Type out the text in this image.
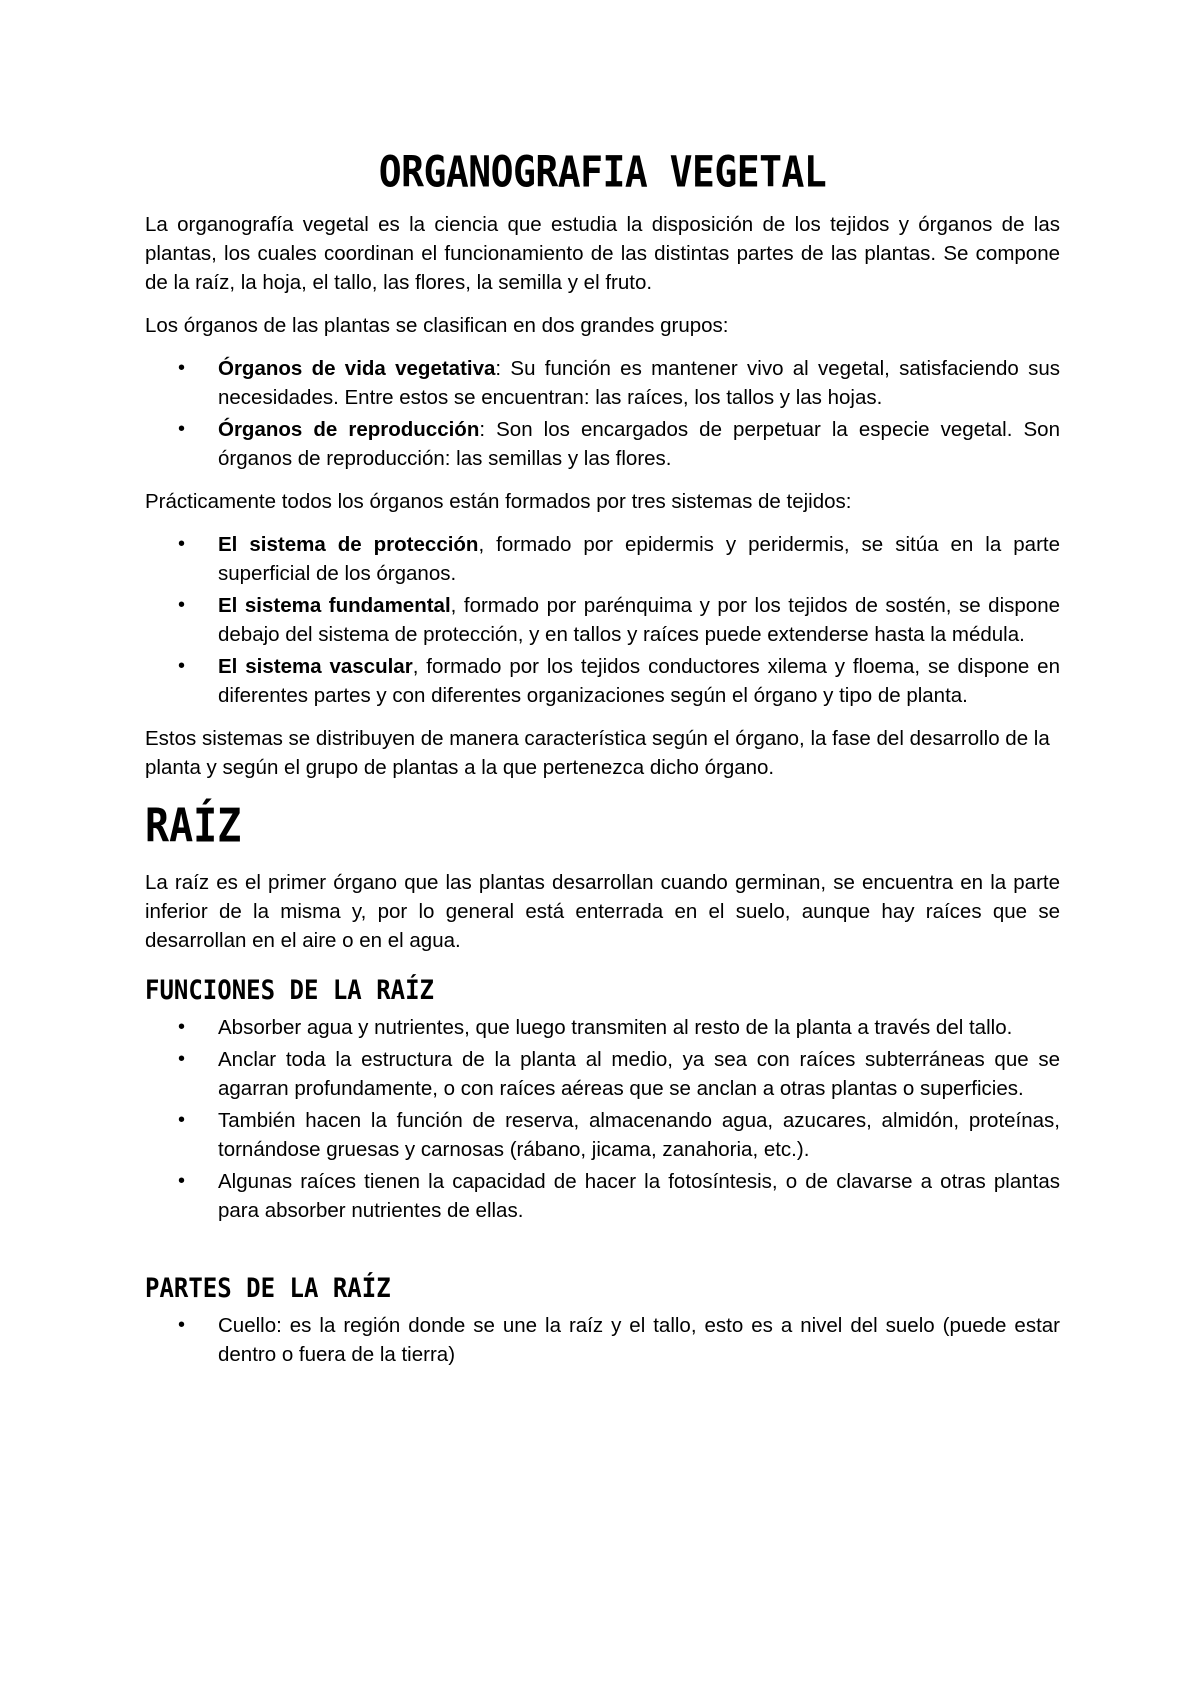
ORGANOGRAFIA VEGETAL

La organografía vegetal es la ciencia que estudia la disposición de los tejidos y órganos de las plantas, los cuales coordinan el funcionamiento de las distintas partes de las plantas. Se compone de la raíz, la hoja, el tallo, las flores, la semilla y el fruto.

Los órganos de las plantas se clasifican en dos grandes grupos:

• Órganos de vida vegetativa: Su función es mantener vivo al vegetal, satisfaciendo sus necesidades. Entre estos se encuentran: las raíces, los tallos y las hojas.
• Órganos de reproducción: Son los encargados de perpetuar la especie vegetal. Son órganos de reproducción: las semillas y las flores.

Prácticamente todos los órganos están formados por tres sistemas de tejidos:

• El sistema de protección, formado por epidermis y peridermis, se sitúa en la parte superficial de los órganos.
• El sistema fundamental, formado por parénquima y por los tejidos de sostén, se dispone debajo del sistema de protección, y en tallos y raíces puede extenderse hasta la médula.
• El sistema vascular, formado por los tejidos conductores xilema y floema, se dispone en diferentes partes y con diferentes organizaciones según el órgano y tipo de planta.

Estos sistemas se distribuyen de manera característica según el órgano, la fase del desarrollo de la planta y según el grupo de plantas a la que pertenezca dicho órgano.

RAÍZ

La raíz es el primer órgano que las plantas desarrollan cuando germinan, se encuentra en la parte inferior de la misma y, por lo general está enterrada en el suelo, aunque hay raíces que se desarrollan en el aire o en el agua.

FUNCIONES DE LA RAÍZ
• Absorber agua y nutrientes, que luego transmiten al resto de la planta a través del tallo.
• Anclar toda la estructura de la planta al medio, ya sea con raíces subterráneas que se agarran profundamente, o con raíces aéreas que se anclan a otras plantas o superficies.
• También hacen la función de reserva, almacenando agua, azucares, almidón, proteínas, tornándose gruesas y carnosas (rábano, jicama, zanahoria, etc.).
• Algunas raíces tienen la capacidad de hacer la fotosíntesis, o de clavarse a otras plantas para absorber nutrientes de ellas.
PARTES DE LA RAÍZ
• Cuello: es la región donde se une la raíz y el tallo, esto es a nivel del suelo (puede estar dentro o fuera de la tierra)
